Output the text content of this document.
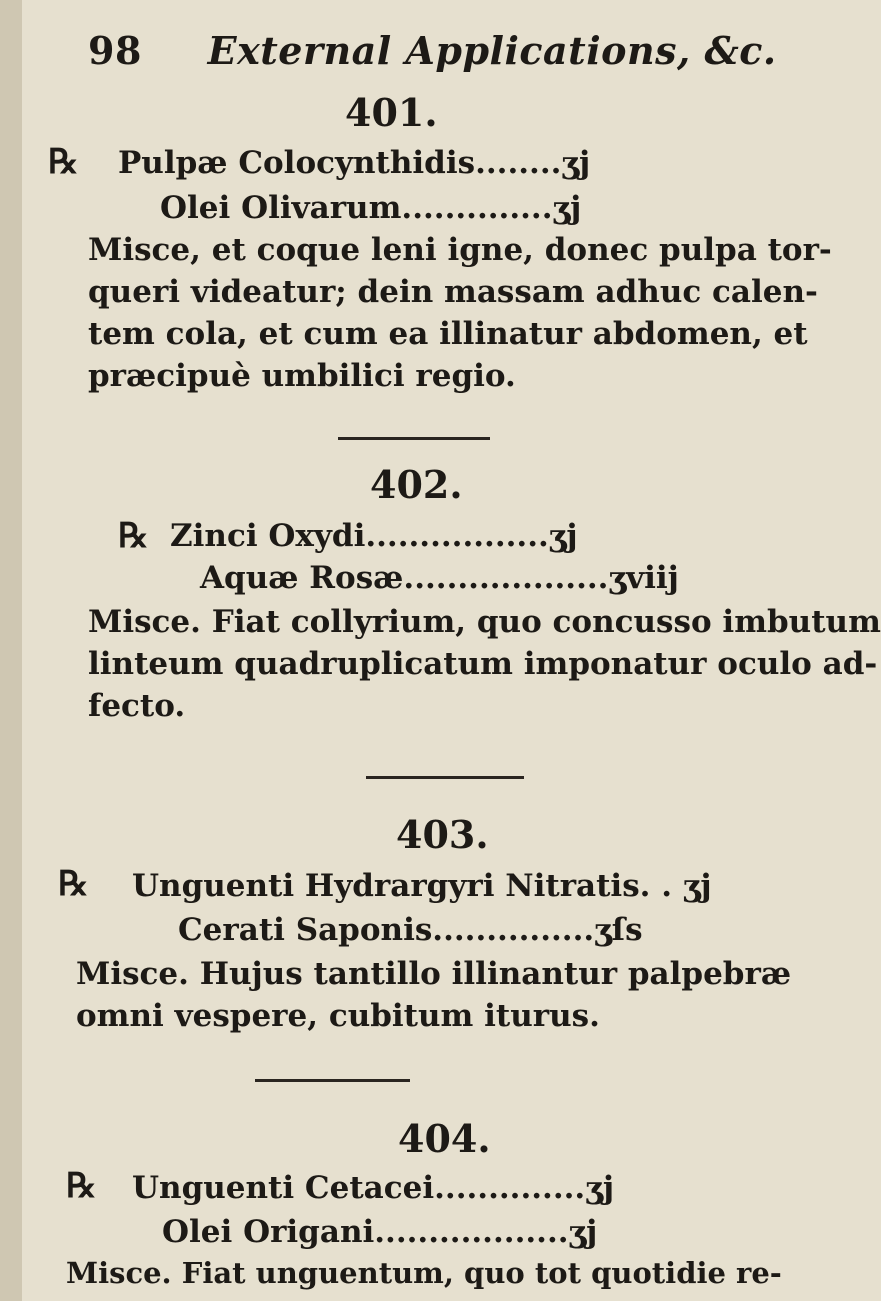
98 External Applications, &c.
401.
℞ Pulpæ Colocynthidis........ʒj
Olei Olivarum..............ʒj
Misce, et coque leni igne, donec pulpa tor-
queri videatur; dein massam adhuc calen-
tem cola, et cum ea illinatur abdomen, et
præcipuè umbilici regio.
402.
℞ Zinci Oxydi.................ʒj
Aquæ Rosæ...................ʒviij
Misce. Fiat collyrium, quo concusso imbutum
linteum quadruplicatum imponatur oculo ad-
fecto.
403.
℞ Unguenti Hydrargyri Nitratis. . ʒj
Cerati Saponis...............ʒſs
Misce. Hujus tantillo illinantur palpebræ
omni vespere, cubitum iturus.
404.
℞ Unguenti Cetacei..............ʒj
Olei Origani..................ʒj
Misce. Fiat unguentum, quo tot quotidie re-
